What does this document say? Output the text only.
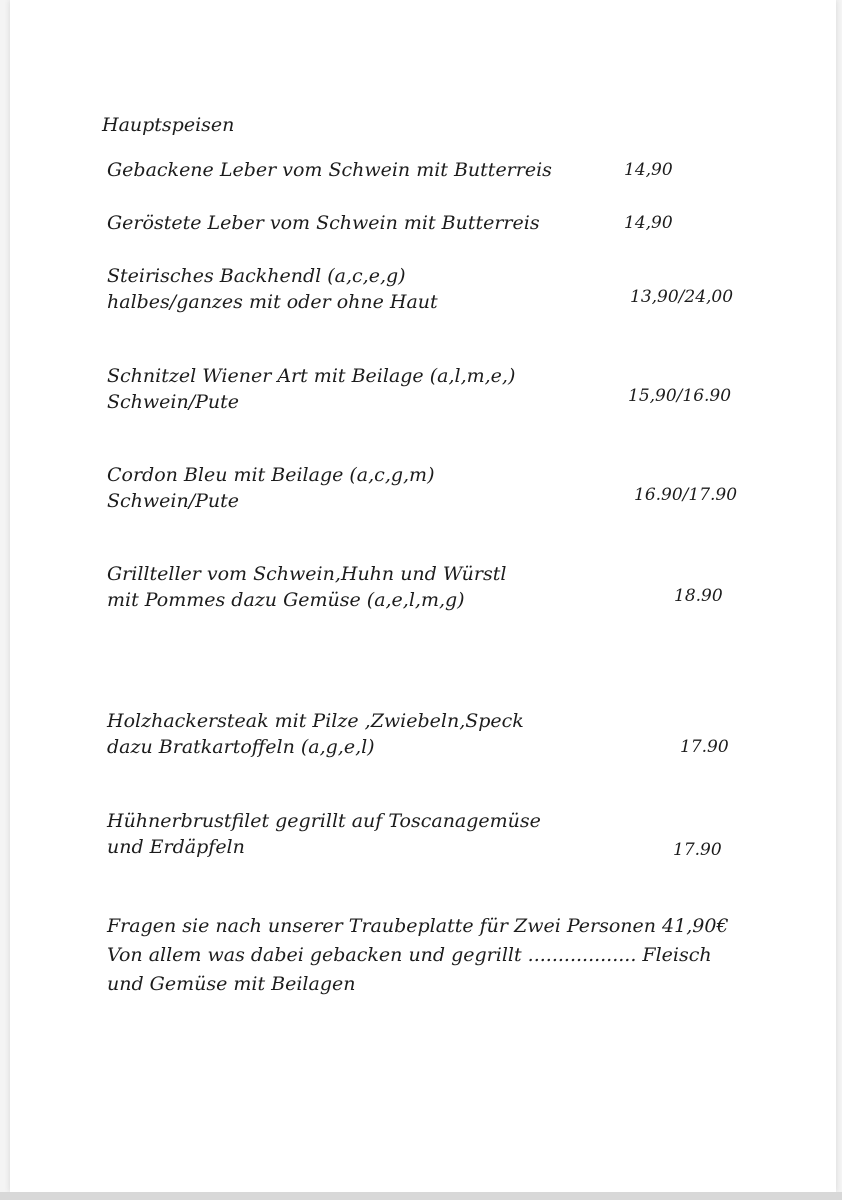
Hauptspeisen
Gebackene Leber vom Schwein mit Butterreis	14,90
Geröstete Leber vom Schwein mit Butterreis	14,90
Steirisches Backhendl (a,c,e,g)
halbes/ganzes mit oder ohne Haut	13,90/24,00
Schnitzel Wiener Art mit Beilage (a,l,m,e,)
Schwein/Pute	15,90/16.90
Cordon Bleu mit Beilage (a,c,g,m)
Schwein/Pute	16.90/17.90
Grillteller vom Schwein,Huhn und Würstl
mit Pommes dazu Gemüse (a,e,l,m,g)	18.90
Holzhackersteak mit Pilze ,Zwiebeln,Speck
dazu Bratkartoffeln (a,g,e,l)	17.90
Hühnerbrustfilet gegrillt auf Toscanagemüse
und Erdäpfeln	17.90
Fragen sie nach unserer Traubeplatte für Zwei Personen 41,90€
Von allem was dabei gebacken und gegrillt .................. Fleisch
und Gemüse mit Beilagen
